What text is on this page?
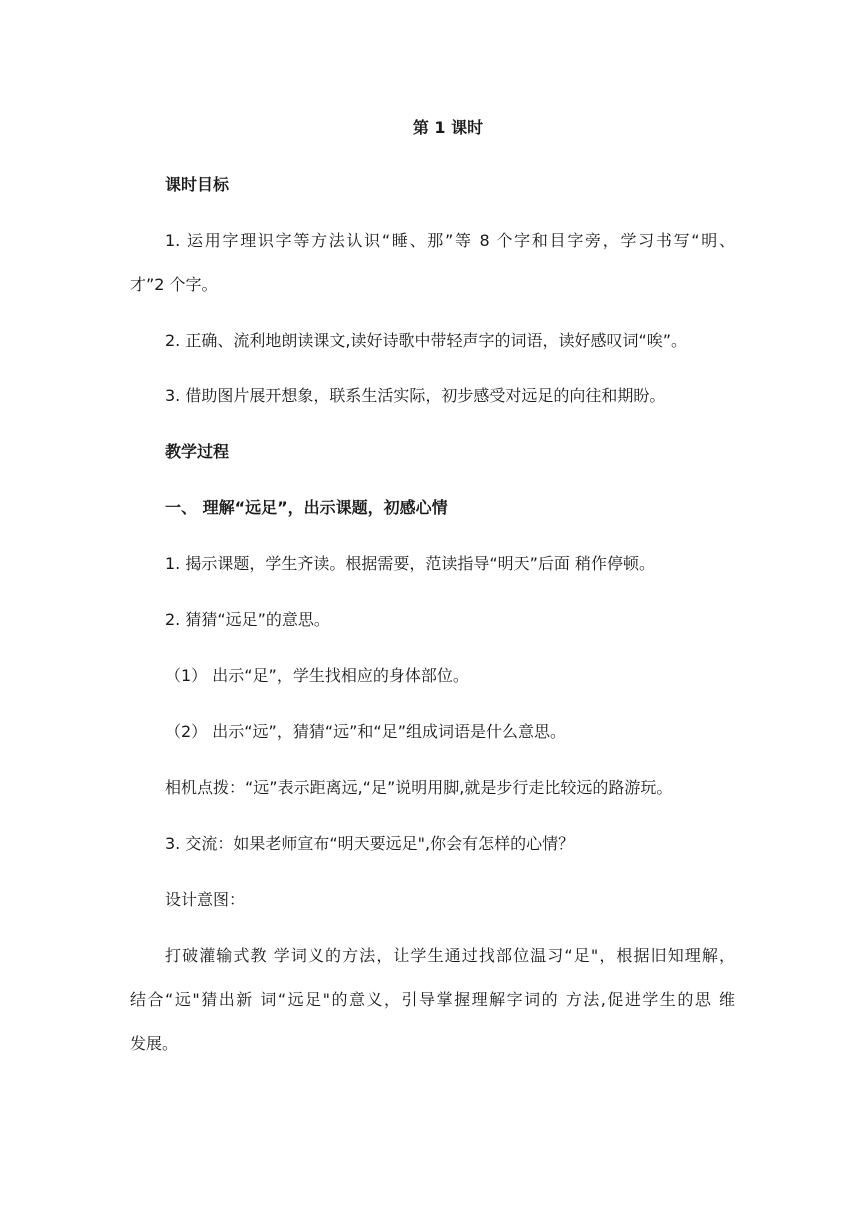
第 1 课时
课时目标
1. 运用字理识字等方法认识“睡、那”等 8 个字和目字旁，学习书写“明、
才”2 个字。
2. 正确、流利地朗读课文,读好诗歌中带轻声字的词语，读好感叹词“唉”。
3. 借助图片展开想象，联系生活实际，初步感受对远足的向往和期盼。
教学过程
一、 理解“远足”，出示课题，初感心情
1. 揭示课题，学生齐读。根据需要，范读指导“明天”后面 稍作停顿。
2. 猜猜“远足”的意思。
（1） 出示“足”，学生找相应的身体部位。
（2） 出示“远”，猜猜“远”和“足”组成词语是什么意思。
相机点拨：“远”表示距离远,“足”说明用脚,就是步行走比较远的路游玩。
3. 交流：如果老师宣布“明天要远足",你会有怎样的心情？
设计意图：
打破灌输式教 学词义的方法，让学生通过找部位温习“足"，根据旧知理解，
结合“远"猜出新 词“远足"的意义，引导掌握理解字词的 方法,促进学生的思 维
发展。
